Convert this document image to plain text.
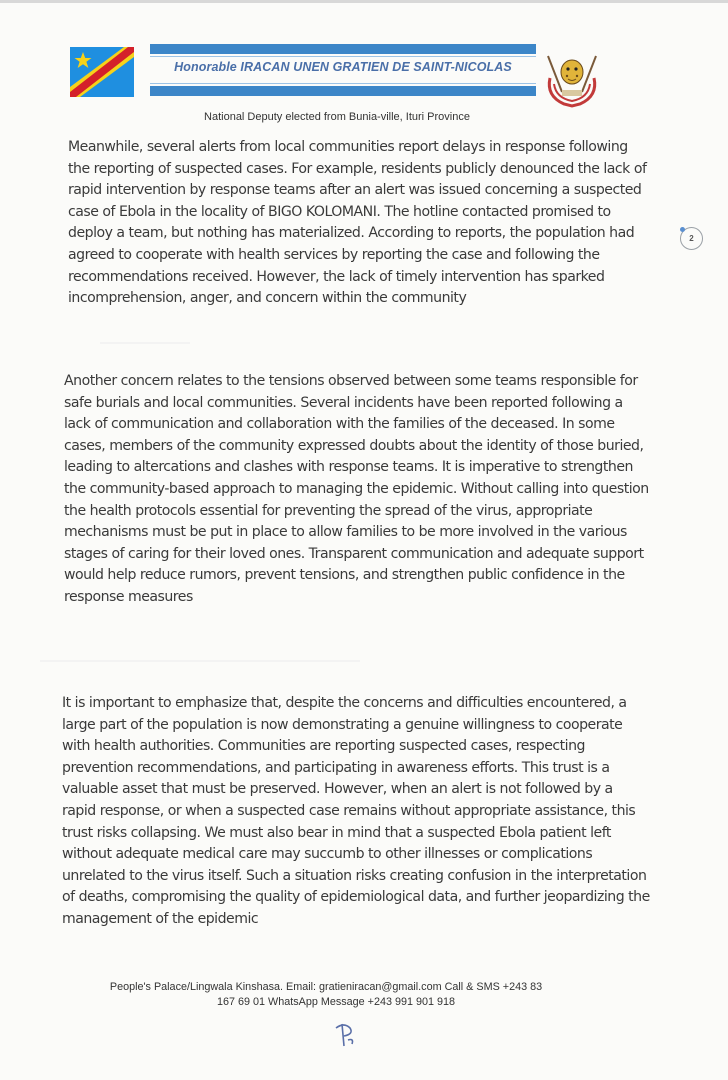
Honorable IRACAN UNEN GRATIEN DE SAINT-NICOLAS
National Deputy elected from Bunia-ville, Ituri Province
2

Meanwhile, several alerts from local communities report delays in response following the reporting of suspected cases. For example, residents publicly denounced the lack of rapid intervention by response teams after an alert was issued concerning a suspected case of Ebola in the locality of BIGO KOLOMANI. The hotline contacted promised to deploy a team, but nothing has materialized. According to reports, the population had agreed to cooperate with health services by reporting the case and following the recommendations received. However, the lack of timely intervention has sparked incomprehension, anger, and concern within the community

Another concern relates to the tensions observed between some teams responsible for safe burials and local communities. Several incidents have been reported following a lack of communication and collaboration with the families of the deceased. In some cases, members of the community expressed doubts about the identity of those buried, leading to altercations and clashes with response teams. It is imperative to strengthen the community-based approach to managing the epidemic. Without calling into question the health protocols essential for preventing the spread of the virus, appropriate mechanisms must be put in place to allow families to be more involved in the various stages of caring for their loved ones. Transparent communication and adequate support would help reduce rumors, prevent tensions, and strengthen public confidence in the response measures

It is important to emphasize that, despite the concerns and difficulties encountered, a large part of the population is now demonstrating a genuine willingness to cooperate with health authorities. Communities are reporting suspected cases, respecting prevention recommendations, and participating in awareness efforts. This trust is a valuable asset that must be preserved. However, when an alert is not followed by a rapid response, or when a suspected case remains without appropriate assistance, this trust risks collapsing. We must also bear in mind that a suspected Ebola patient left without adequate medical care may succumb to other illnesses or complications unrelated to the virus itself. Such a situation risks creating confusion in the interpretation of deaths, compromising the quality of epidemiological data, and further jeopardizing the management of the epidemic

People's Palace/Lingwala Kinshasa. Email: gratieniracan@gmail.com Call & SMS +243 83

167 69 01 WhatsApp Message +243 991 901 918
